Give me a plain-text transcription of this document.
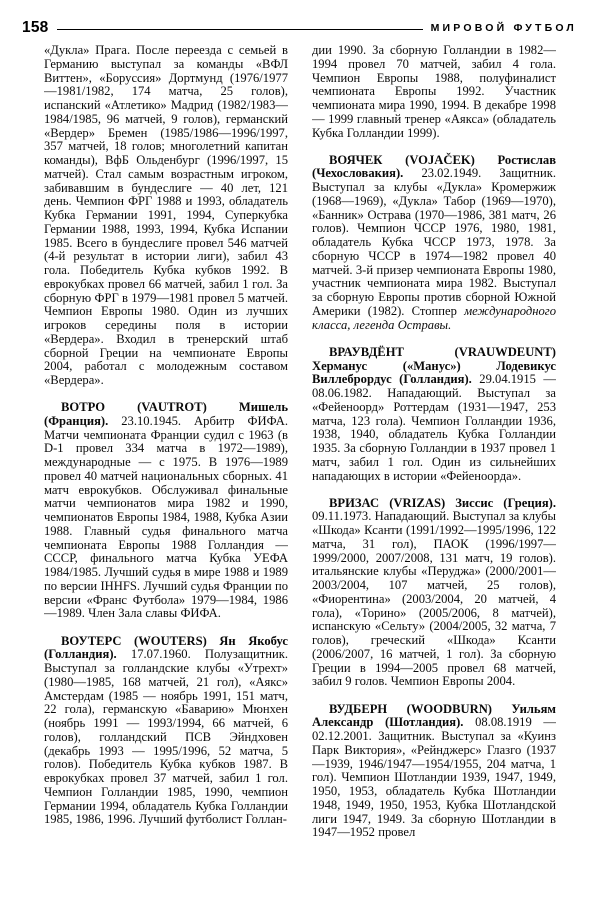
158	МИРОВОЙ ФУТБОЛ

«Дукла» Прага. После переезда с семьей в Германию выступал за команды «ВФЛ Виттен», «Боруссия» Дортмунд (1976/1977—1981/1982, 174 матча, 25 голов), испанский «Атлетико» Мадрид (1982/1983—1984/1985, 96 матчей, 9 голов), германский «Вердер» Бремен (1985/1986—1996/1997, 357 матчей, 18 голов; многолетний капитан команды), ВфБ Ольденбург (1996/1997, 15 матчей). Стал самым возрастным игроком, забивавшим в бундеслиге — 40 лет, 121 день. Чемпион ФРГ 1988 и 1993, обладатель Кубка Германии 1991, 1994, Суперкубка Германии 1988, 1993, 1994, Кубка Испании 1985. Всего в бундеслиге провел 546 матчей (4-й результат в истории лиги), забил 43 гола. Победитель Кубка кубков 1992. В еврокубках провел 66 матчей, забил 1 гол. За сборную ФРГ в 1979—1981 провел 5 матчей. Чемпион Европы 1980. Один из лучших игроков середины поля в истории «Вердера». Входил в тренерский штаб сборной Греции на чемпионате Европы 2004, работал с молодежным составом «Вердера».

ВОТРО (VAUTROT) Мишель (Франция). 23.10.1945. Арбитр ФИФА. Матчи чемпионата Франции судил с 1963 (в D-1 провел 334 матча в 1972—1989), международные — с 1975. В 1976—1989 провел 40 матчей национальных сборных. 41 матч еврокубков. Обслуживал финальные матчи чемпионатов мира 1982 и 1990, чемпионатов Европы 1984, 1988, Кубка Азии 1988. Главный судья финального матча чемпионата Европы 1988 Голландия — СССР, финального матча Кубка УЕФА 1984/1985. Лучший судья в мире 1988 и 1989 по версии IHHFS. Лучший судья Франции по версии «Франс Футбола» 1979—1984, 1986—1989. Член Зала славы ФИФА.

ВОУТЕРС (WOUTERS) Ян Якобус (Голландия). 17.07.1960. Полузащитник. Выступал за голландские клубы «Утрехт» (1980—1985, 168 матчей, 21 гол), «Аякс» Амстердам (1985 — ноябрь 1991, 151 матч, 22 гола), германскую «Баварию» Мюнхен (ноябрь 1991 — 1993/1994, 66 матчей, 6 голов), голландский ПСВ Эйндховен (декабрь 1993 — 1995/1996, 52 матча, 5 голов). Победитель Кубка кубков 1987. В еврокубках провел 37 матчей, забил 1 гол. Чемпион Голландии 1985, 1990, чемпион Германии 1994, обладатель Кубка Голландии 1985, 1986, 1996. Лучший футболист Голлан-

дии 1990. За сборную Голландии в 1982—1994 провел 70 матчей, забил 4 гола. Чемпион Европы 1988, полуфиналист чемпионата Европы 1992. Участник чемпионата мира 1990, 1994. В декабре 1998 — 1999 главный тренер «Аякса» (обладатель Кубка Голландии 1999).

ВОЯЧЕК (VOJAČEK) Ростислав (Чехословакия). 23.02.1949. Защитник. Выступал за клубы «Дукла» Кромержиж (1968—1969), «Дукла» Табор (1969—1970), «Банник» Острава (1970—1986, 381 матч, 26 голов). Чемпион ЧССР 1976, 1980, 1981, обладатель Кубка ЧССР 1973, 1978. За сборную ЧССР в 1974—1982 провел 40 матчей. 3-й призер чемпионата Европы 1980, участник чемпионата мира 1982. Выступал за сборную Европы против сборной Южной Америки (1982). Стоппер международного класса, легенда Остравы.

ВРАУВДЁНТ (VRAUWDEUNT) Херманус («Манус») Лодевикус Виллебрордус (Голландия). 29.04.1915 — 08.06.1982. Нападающий. Выступал за «Фейеноорд» Роттердам (1931—1947, 253 матча, 123 гола). Чемпион Голландии 1936, 1938, 1940, обладатель Кубка Голландии 1935. За сборную Голландии в 1937 провел 1 матч, забил 1 гол. Один из сильнейших нападающих в истории «Фейеноорда».

ВРИЗАС (VRIZAS) Зиссис (Греция). 09.11.1973. Нападающий. Выступал за клубы «Шкода» Ксанти (1991/1992—1995/1996, 122 матча, 31 гол), ПАОК (1996/1997—1999/2000, 2007/2008, 131 матч, 19 голов). итальянские клубы «Перуджа» (2000/2001—2003/2004, 107 матчей, 25 голов), «Фиорентина» (2003/2004, 20 матчей, 4 гола), «Торино» (2005/2006, 8 матчей), испанскую «Сельту» (2004/2005, 32 матча, 7 голов), греческий «Шкода» Ксанти (2006/2007, 16 матчей, 1 гол). За сборную Греции в 1994—2005 провел 68 матчей, забил 9 голов. Чемпион Европы 2004.

ВУДБЕРН (WOODBURN) Уильям Александр (Шотландия). 08.08.1919 — 02.12.2001. Защитник. Выступал за «Куинз Парк Виктория», «Рейнджерс» Глазго (1937—1939, 1946/1947—1954/1955, 204 матча, 1 гол). Чемпион Шотландии 1939, 1947, 1949, 1950, 1953, обладатель Кубка Шотландии 1948, 1949, 1950, 1953, Кубка Шотландской лиги 1947, 1949. За сборную Шотландии в 1947—1952 провел
